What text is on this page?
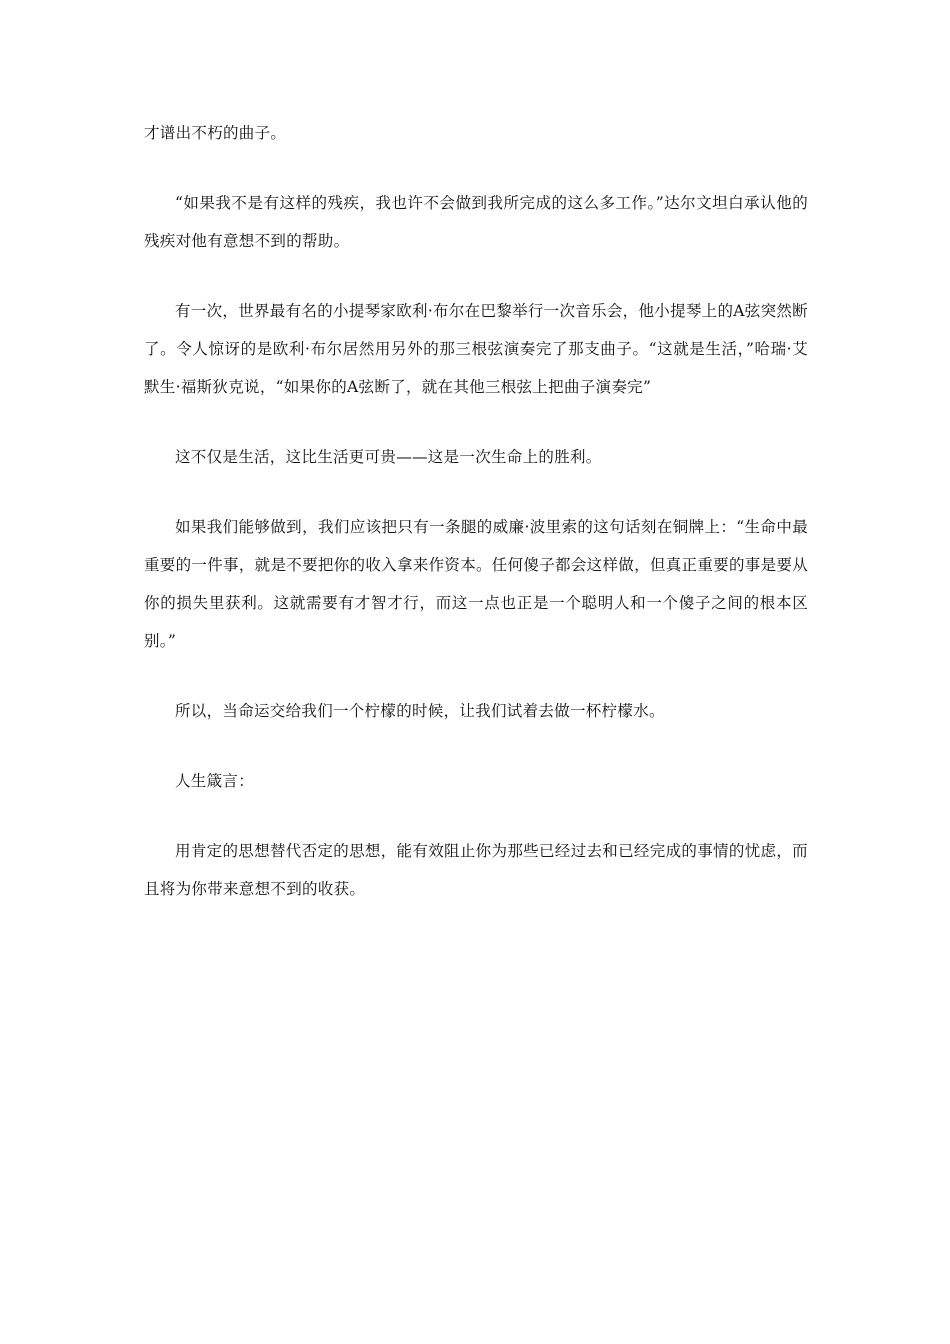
才谱出不朽的曲子。

“如果我不是有这样的残疾，我也许不会做到我所完成的这么多工作。”达尔文坦白承认他的残疾对他有意想不到的帮助。

有一次，世界最有名的小提琴家欧利·布尔在巴黎举行一次音乐会，他小提琴上的A弦突然断了。令人惊讶的是欧利·布尔居然用另外的那三根弦演奏完了那支曲子。“这就是生活，”哈瑞·艾默生·福斯狄克说，“如果你的A弦断了，就在其他三根弦上把曲子演奏完”

这不仅是生活，这比生活更可贵——这是一次生命上的胜利。

如果我们能够做到，我们应该把只有一条腿的威廉·波里索的这句话刻在铜牌上：“生命中最重要的一件事，就是不要把你的收入拿来作资本。任何傻子都会这样做，但真正重要的事是要从你的损失里获利。这就需要有才智才行，而这一点也正是一个聪明人和一个傻子之间的根本区别。”

所以，当命运交给我们一个柠檬的时候，让我们试着去做一杯柠檬水。

人生箴言：

用肯定的思想替代否定的思想，能有效阻止你为那些已经过去和已经完成的事情的忧虑，而且将为你带来意想不到的收获。
